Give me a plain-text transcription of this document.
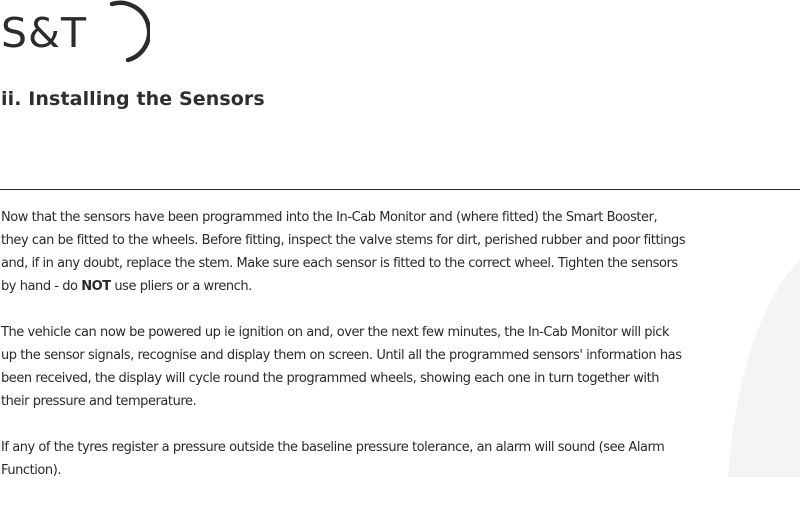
S&T
ii. Installing the Sensors

Now that the sensors have been programmed into the In-Cab Monitor and (where fitted) the Smart Booster,
they can be fitted to the wheels. Before fitting, inspect the valve stems for dirt, perished rubber and poor fittings
and, if in any doubt, replace the stem. Make sure each sensor is fitted to the correct wheel. Tighten the sensors
by hand - do NOT use pliers or a wrench.

The vehicle can now be powered up ie ignition on and, over the next few minutes, the In-Cab Monitor will pick
up the sensor signals, recognise and display them on screen. Until all the programmed sensors' information has
been received, the display will cycle round the programmed wheels, showing each one in turn together with
their pressure and temperature.

If any of the tyres register a pressure outside the baseline pressure tolerance, an alarm will sound (see Alarm
Function).
